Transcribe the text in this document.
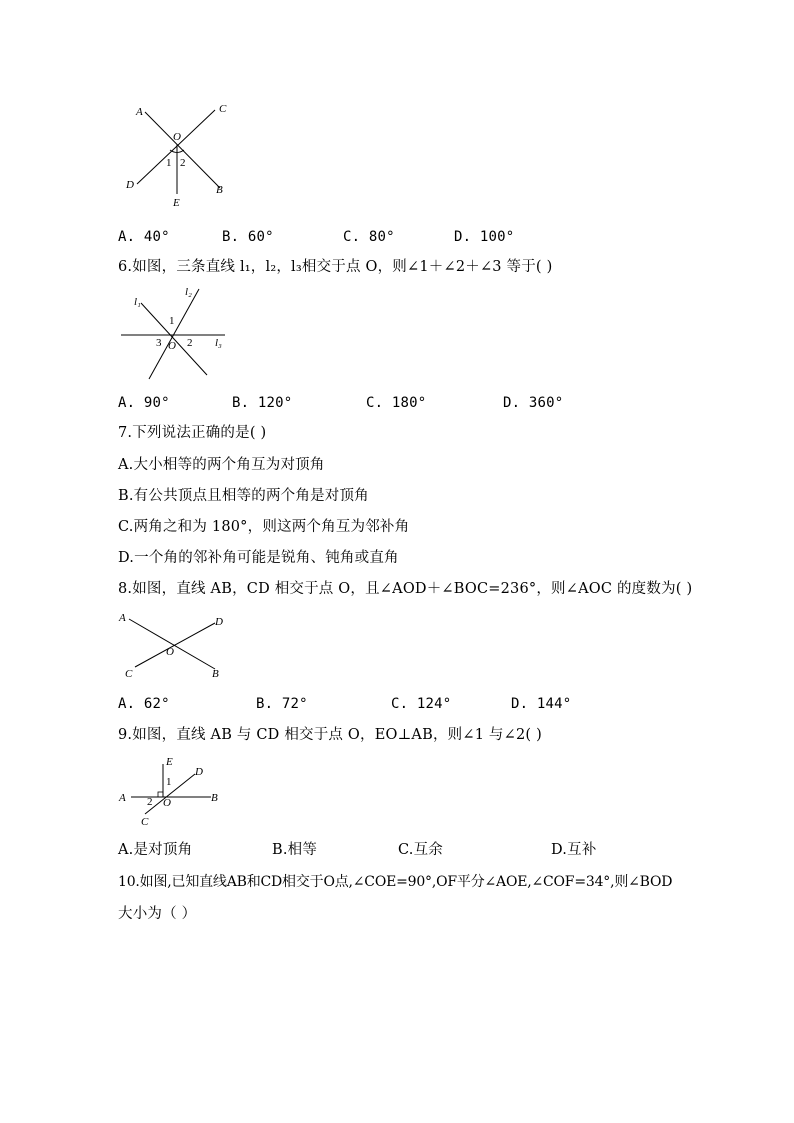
A	C
O
1 2
D	B
E
A. 40°	B. 60°	C. 80°	D. 100°
6.如图，三条直线 l₁，l₂，l₃相交于点 O，则∠1＋∠2＋∠3 等于( )
l₁
l₂
l₃
1
3 O 2
A. 90°	B. 120°	C. 180°	D. 360°
7.下列说法正确的是( )
A.大小相等的两个角互为对顶角
B.有公共顶点且相等的两个角是对顶角
C.两角之和为 180°，则这两个角互为邻补角
D.一个角的邻补角可能是锐角、钝角或直角
8.如图，直线 AB，CD 相交于点 O，且∠AOD＋∠BOC=236°，则∠AOC 的度数为( )
A	D
O
C	B
A. 62°	B. 72°	C. 124°	D. 144°
9.如图，直线 AB 与 CD 相交于点 O，EO⊥AB，则∠1 与∠2( )
E
D
1
A 2 O	B
C
A.是对顶角	B.相等	C.互余	D.互补
10.如图,已知直线AB和CD相交于O点,∠COE=90°,OF平分∠AOE,∠COF=34°,则∠BOD
大小为（ ）
